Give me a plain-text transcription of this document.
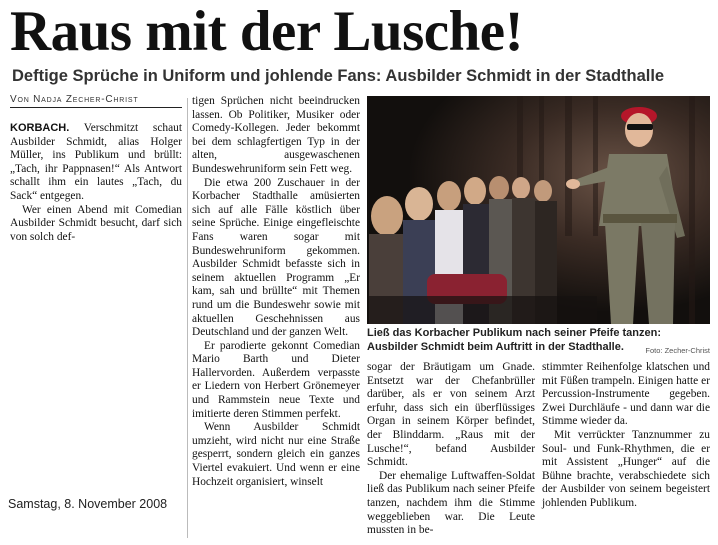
Raus mit der Lusche!
Deftige Sprüche in Uniform und johlende Fans: Ausbilder Schmidt in der Stadthalle
Von Nadja Zecher-Christ

KORBACH. Verschmitzt schaut Ausbilder Schmidt, alias Holger Müller, ins Publikum und brüllt: „Tach, ihr Pappnasen!“ Als Antwort schallt ihm ein lautes „Tach, du Sack“ entgegen.

Wer einen Abend mit Comedian Ausbilder Schmidt besucht, darf sich von solch def-

tigen Sprüchen nicht beeindrucken lassen. Ob Politiker, Musiker oder Comedy-Kollegen. Jeder bekommt bei dem schlagfertigen Typ in der alten, ausgewaschenen Bundeswehruniform sein Fett weg.

Die etwa 200 Zuschauer in der Korbacher Stadthalle amüsierten sich auf alle Fälle köstlich über seine Sprüche. Einige eingefleischte Fans waren sogar mit Bundeswehruniform gekommen. Ausbilder Schmidt befasste sich in seinem aktuellen Programm „Er kam, sah und brüllte“ mit Themen rund um die Bundeswehr sowie mit aktuellen Geschehnissen aus Deutschland und der ganzen Welt.

Er parodierte gekonnt Comedian Mario Barth und Dieter Hallervorden. Außerdem verpasste er Liedern von Herbert Grönemeyer und Rammstein neue Texte und imitierte deren Stimmen perfekt.

Wenn Ausbilder Schmidt umzieht, wird nicht nur eine Straße gesperrt, sondern gleich ein ganzes Viertel evakuiert. Und wenn er eine Hochzeit organisiert, winselt

Ließ das Korbacher Publikum nach seiner Pfeife tanzen: Ausbilder Schmidt beim Auftritt in der Stadthalle.	Foto: Zecher-Christ

sogar der Bräutigam um Gnade. Entsetzt war der Chefanbrüller darüber, als er von seinem Arzt erfuhr, dass sich ein überflüssiges Organ in seinem Körper befindet, der Blinddarm. „Raus mit der Lusche!“, befand Ausbilder Schmidt.

Der ehemalige Luftwaffen-Soldat ließ das Publikum nach seiner Pfeife tanzen, nachdem ihm die Stimme weggeblieben war. Die Leute mussten in be-

stimmter Reihenfolge klatschen und mit Füßen trampeln. Einigen hatte er Percussion-Instrumente gegeben. Zwei Durchläufe - und dann war die Stimme wieder da.

Mit verrückter Tanznummer zu Soul- und Funk-Rhythmen, die er mit Assistent „Hunger“ auf die Bühne brachte, verabschiedete sich der Ausbilder von seinem begeistert johlenden Publikum.

Samstag, 8. November 2008
